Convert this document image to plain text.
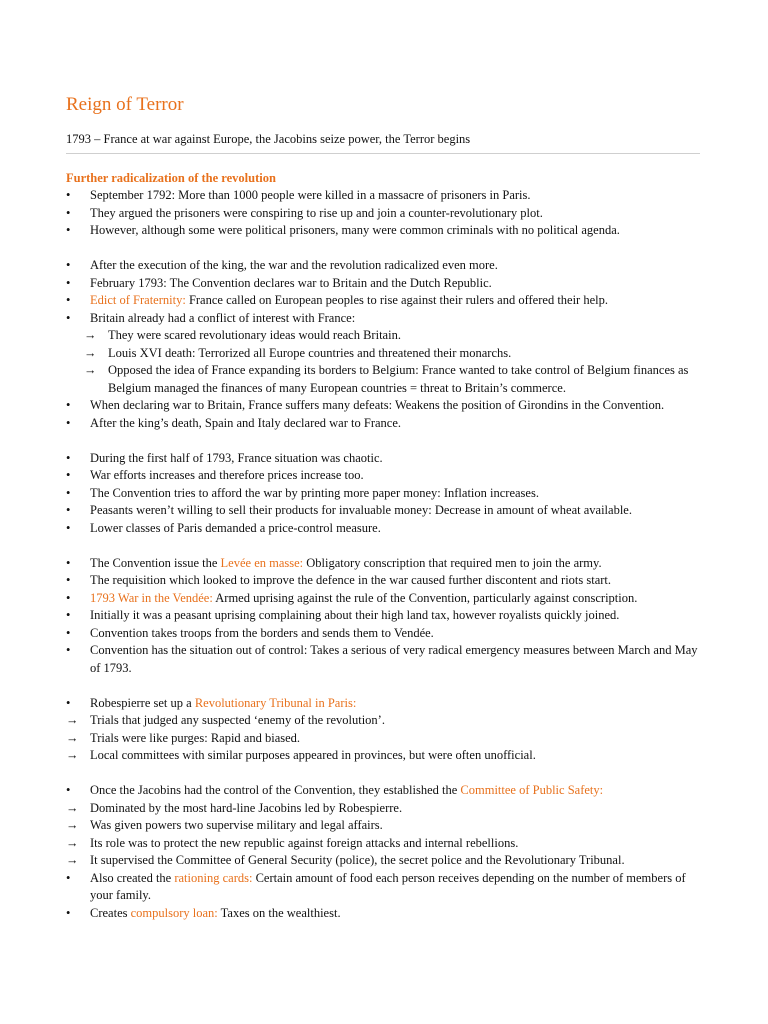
Reign of Terror
1793 – France at war against Europe, the Jacobins seize power, the Terror begins
Further radicalization of the revolution
•	September 1792: More than 1000 people were killed in a massacre of prisoners in Paris.
•	They argued the prisoners were conspiring to rise up and join a counter-revolutionary plot.
•	However, although some were political prisoners, many were common criminals with no political agenda.
•	After the execution of the king, the war and the revolution radicalized even more.
•	February 1793: The Convention declares war to Britain and the Dutch Republic.
•	Edict of Fraternity: France called on European peoples to rise against their rulers and offered their help.
•	Britain already had a conflict of interest with France:
→ They were scared revolutionary ideas would reach Britain.
→ Louis XVI death: Terrorized all Europe countries and threatened their monarchs.
→ Opposed the idea of France expanding its borders to Belgium: France wanted to take control of Belgium finances as Belgium managed the finances of many European countries = threat to Britain’s commerce.
•	When declaring war to Britain, France suffers many defeats: Weakens the position of Girondins in the Convention.
•	After the king’s death, Spain and Italy declared war to France.
•	During the first half of 1793, France situation was chaotic.
•	War efforts increases and therefore prices increase too.
•	The Convention tries to afford the war by printing more paper money: Inflation increases.
•	Peasants weren’t willing to sell their products for invaluable money: Decrease in amount of wheat available.
•	Lower classes of Paris demanded a price-control measure.
•	The Convention issue the Levée en masse: Obligatory conscription that required men to join the army.
•	The requisition which looked to improve the defence in the war caused further discontent and riots start.
•	1793 War in the Vendée: Armed uprising against the rule of the Convention, particularly against conscription.
•	Initially it was a peasant uprising complaining about their high land tax, however royalists quickly joined.
•	Convention takes troops from the borders and sends them to Vendée.
•	Convention has the situation out of control: Takes a serious of very radical emergency measures between March and May of 1793.
•	Robespierre set up a Revolutionary Tribunal in Paris:
→ Trials that judged any suspected ‘enemy of the revolution’.
→ Trials were like purges: Rapid and biased.
→ Local committees with similar purposes appeared in provinces, but were often unofficial.
•	Once the Jacobins had the control of the Convention, they established the Committee of Public Safety:
→ Dominated by the most hard-line Jacobins led by Robespierre.
→ Was given powers two supervise military and legal affairs.
→ Its role was to protect the new republic against foreign attacks and internal rebellions.
→ It supervised the Committee of General Security (police), the secret police and the Revolutionary Tribunal.
•	Also created the rationing cards: Certain amount of food each person receives depending on the number of members of your family.
•	Creates compulsory loan: Taxes on the wealthiest.
